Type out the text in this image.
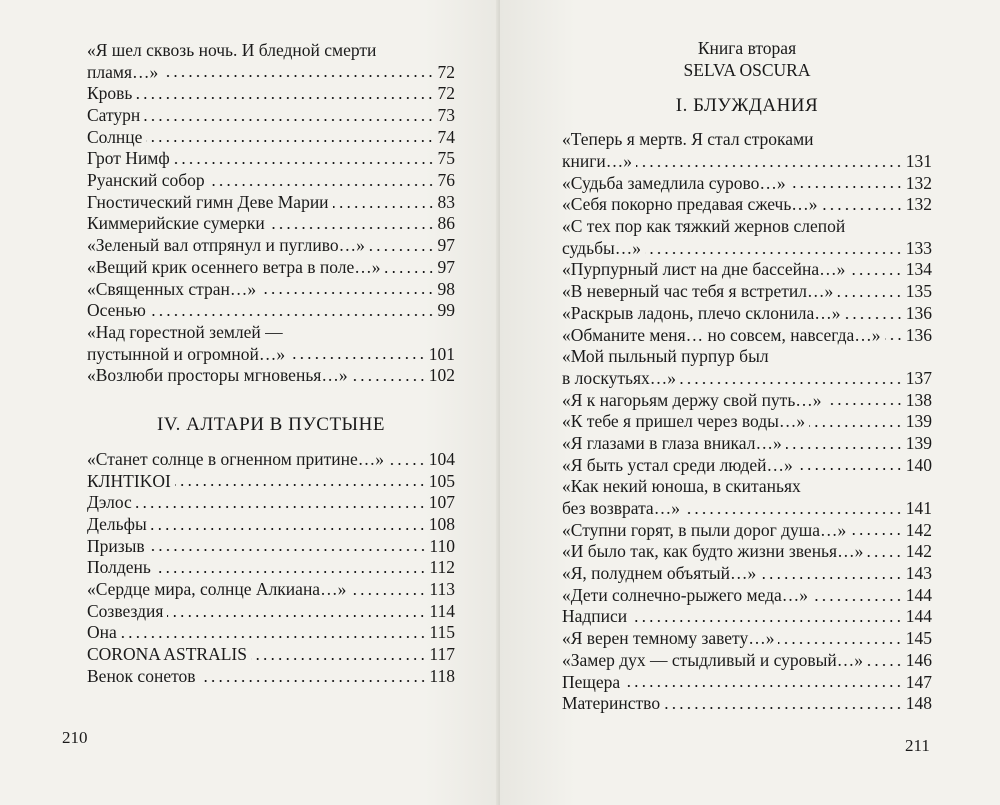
«Я шел сквозь ночь. И бледной смерти
пламя…»	72
Кровь	72
Сатурн	73
Солнце	74
Грот Нимф	75
Руанский собор	76
Гностический гимн Деве Марии	83
Киммерийские сумерки	86
«Зеленый вал отпрянул и пугливо…»	97
«Вещий крик осеннего ветра в поле…»	97
«Священных стран…»	98
Осенью	99
«Над горестной землей —
пустынной и огромной…»	101
«Возлюби просторы мгновенья…»	102
IV. АЛТАРИ В ПУСТЫНЕ
«Станет солнце в огненном притине…»	104
КЛНТIKOI	105
Дэлос	107
Дельфы	108
Призыв	110
Полдень	112
«Сердце мира, солнце Алкиана…»	113
Созвездия	114
Она	115
CORONA ASTRALIS	117
Венок сонетов	118
210
Книга вторая
SELVA OSCURA
I. БЛУЖДАНИЯ
«Теперь я мертв. Я стал строками
книги…»	131
«Судьба замедлила сурово…»	132
«Себя покорно предавая сжечь…»	132
«С тех пор как тяжкий жернов слепой
судьбы…»	133
«Пурпурный лист на дне бассейна…»	134
«В неверный час тебя я встретил…»	135
«Раскрыв ладонь, плечо склонила…»	136
«Обманите меня… но совсем, навсегда…» 136
«Мой пыльный пурпур был
в лоскутьях…»	137
«Я к нагорьям держу свой путь…»	138
«К тебе я пришел через воды…»	139
«Я глазами в глаза вникал…»	139
«Я быть устал среди людей…»	140
«Как некий юноша, в скитаньях
без возврата…»	141
«Ступни горят, в пыли дорог душа…»	142
«И было так, как будто жизни звенья…» 142
«Я, полуднем объятый…»	143
«Дети солнечно-рыжего меда…»	144
Надписи	144
«Я верен темному завету…»	145
«Замер дух — стыдливый и суровый…» 146
Пещера	147
Материнство	148
211
